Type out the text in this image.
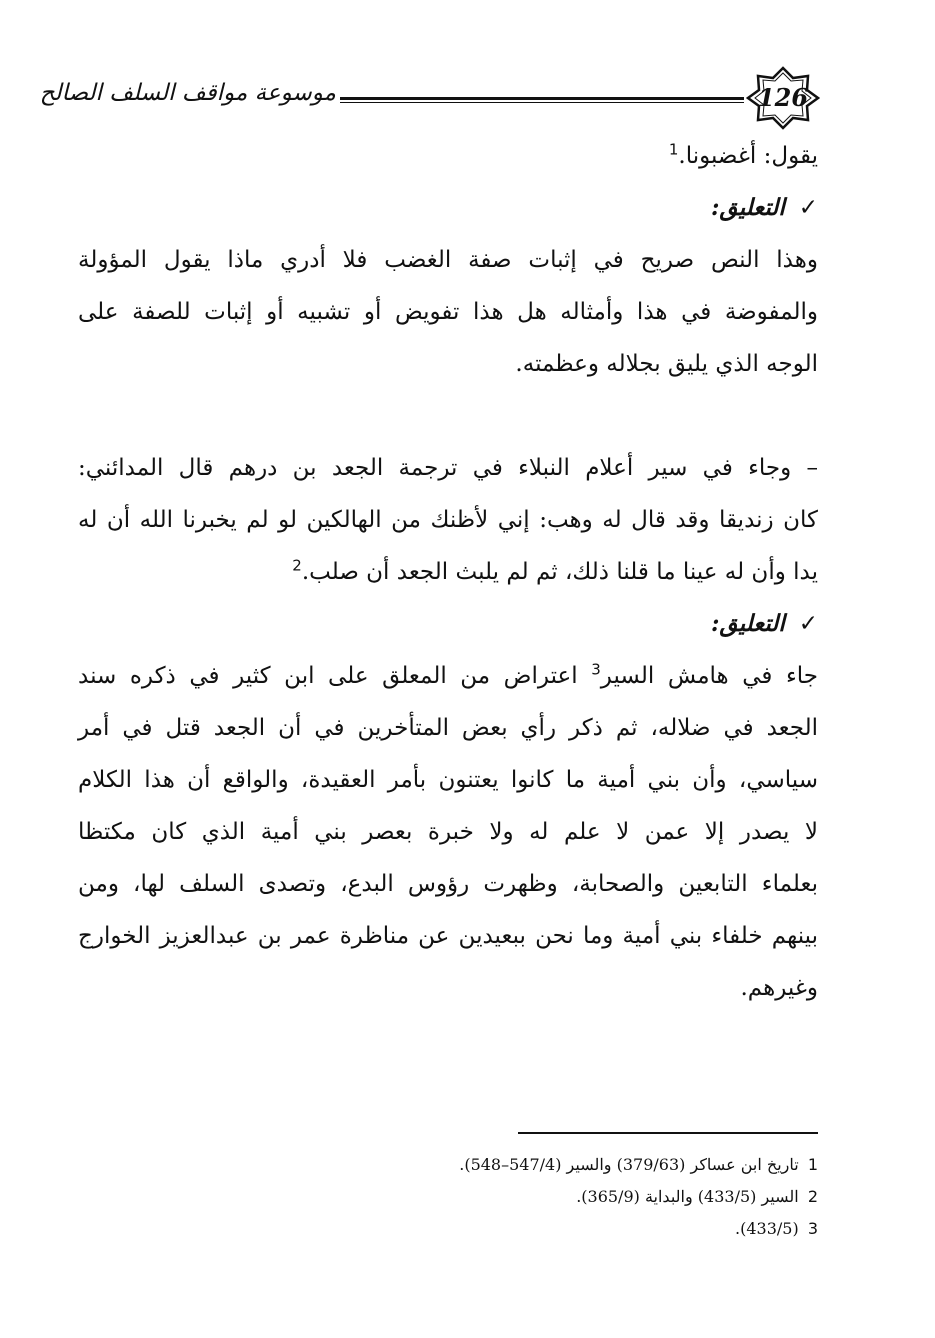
موسوعة مواقف السلف الصالح	126

يقول: أغضبونا.$^1$

✓التعليق:

وهذا النص صريح في إثبات صفة الغضب فلا أدري ماذا يقول المؤولة
والمفوضة في هذا وأمثاله هل هذا تفويض أو تشبيه أو إثبات للصفة على
الوجه الذي يليق بجلاله وعظمته.

– وجاء في سير أعلام النبلاء في ترجمة الجعد بن درهم قال المدائني:
كان زنديقا وقد قال له وهب: إني لأظنك من الهالكين لو لم يخبرنا الله أن له
يدا وأن له عينا ما قلنا ذلك، ثم لم يلبث الجعد أن صلب.$^2$

✓التعليق:

جاء في هامش السير$^3$ اعتراض من المعلق على ابن كثير في ذكره سند
الجعد في ضلاله، ثم ذكر رأي بعض المتأخرين في أن الجعد قتل في أمر
سياسي، وأن بني أمية ما كانوا يعتنون بأمر العقيدة، والواقع أن هذا الكلام
لا يصدر إلا عمن لا علم له ولا خبرة بعصر بني أمية الذي كان مكتظا
بعلماء التابعين والصحابة، وظهرت رؤوس البدع، وتصدى السلف لها، ومن
بينهم خلفاء بني أمية وما نحن ببعيدين عن مناظرة عمر بن عبدالعزيز الخوارج
وغيرهم.

1 تاريخ ابن عساكر (379/63) والسير (547/4–548).
2 السير (433/5) والبداية (365/9).
3 (433/5).
